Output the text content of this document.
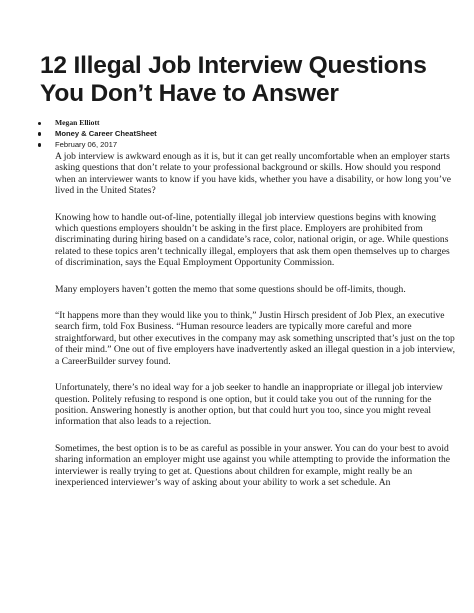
12 Illegal Job Interview Questions You Don’t Have to Answer
Megan Elliott
Money & Career CheatSheet
February 06, 2017

A job interview is awkward enough as it is, but it can get really uncomfortable when an employer starts asking questions that don’t relate to your professional background or skills. How should you respond when an interviewer wants to know if you have kids, whether you have a disability, or how long you’ve lived in the United States?

Knowing how to handle out-of-line, potentially illegal job interview questions begins with knowing which questions employers shouldn’t be asking in the first place. Employers are prohibited from discriminating during hiring based on a candidate’s race, color, national origin, or age. While questions related to these topics aren’t technically illegal, employers that ask them open themselves up to charges of discrimination, says the Equal Employment Opportunity Commission.

Many employers haven’t gotten the memo that some questions should be off-limits, though.

“It happens more than they would like you to think,” Justin Hirsch president of Job Plex, an executive search firm, told Fox Business. “Human resource leaders are typically more careful and more straightforward, but other executives in the company may ask something unscripted that’s just on the top of their mind.” One out of five employers have inadvertently asked an illegal question in a job interview, a CareerBuilder survey found.

Unfortunately, there’s no ideal way for a job seeker to handle an inappropriate or illegal job interview question. Politely refusing to respond is one option, but it could take you out of the running for the position. Answering honestly is another option, but that could hurt you too, since you might reveal information that also leads to a rejection.

Sometimes, the best option is to be as careful as possible in your answer. You can do your best to avoid sharing information an employer might use against you while attempting to provide the information the interviewer is really trying to get at. Questions about children for example, might really be an inexperienced interviewer’s way of asking about your ability to work a set schedule. An
